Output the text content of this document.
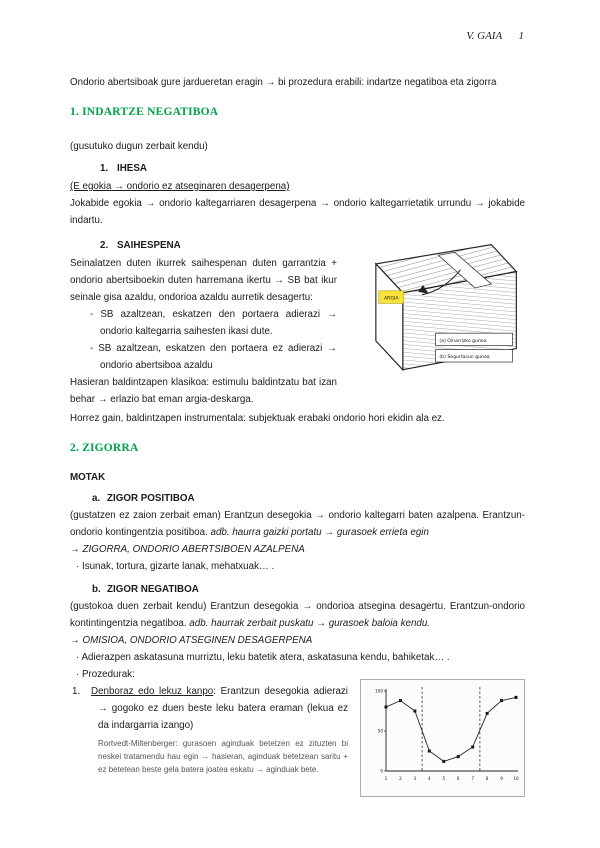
V. GAIA      1

Ondorio abertsiboak gure jardueretan eragin → bi prozedura erabili: indartze negatiboa eta zigorra

1. INDARTZE NEGATIBOA

(gusutuko dugun zerbait kendu)

1. IHESA

(E egokia → ondorio ez atseginaren desagerpena)

Jokabide egokia → ondorio kaltegarriaren desagerpena → ondorio kaltegarrietatik urrundu → jokabide indartu.

ARGIA
(a) Oinarrizko gunea
(b) Segurtasun gunea

2. SAIHESPENA

Seinalatzen duten ikurrek saihespenan duten garrantzia + ondorio abertsiboekin duten harremana ikertu → SB bat ikur seinale gisa azaldu, ondorioa azaldu aurretik desagertu:

- SB azaltzean, eskatzen den portaera adierazi → ondorio kaltegarria saihesten ikasi dute.

- SB azaltzean, eskatzen den portaera ez adierazi → ondorio abertsiboa azaldu

Hasieran baldintzapen klasikoa: estimulu baldintzatu bat izan behar → erlazio bat eman argia-deskarga.

Horrez gain, baldintzapen instrumentala: subjektuak erabaki ondorio hori ekidin ala ez.

2. ZIGORRA

MOTAK

a. ZIGOR POSITIBOA

(gustatzen ez zaion zerbait eman) Erantzun desegokia → ondorio kaltegarri baten azalpena. Erantzun-ondorio kontingentzia positiboa. adb. haurra gaizki portatu → gurasoek errieta egin

→ ZIGORRA, ONDORIO ABERTSIBOEN AZALPENA

· Isunak, tortura, gizarte lanak, mehatxuak… .

b. ZIGOR NEGATIBOA

(gustokoa duen zerbait kendu) Erantzun desegokia → ondorioa atsegina desagertu. Erantzun-ondorio kontintingentzia negatiboa. adb. haurrak zerbait puskatu → gurasoek baloia kendu.

→ OMISIOA, ONDORIO ATSEGINEN DESAGERPENA

· Adierazpen askatasuna murriztu, leku batetik atera, askatasuna kendu, bahiketak… .

· Prozedurak:

1	2	3	4	5	6	7	8	9 10
0
50
100
1. Denboraz edo lekuz kanpo: Erantzun desegokia adierazi → gogoko ez duen beste leku batera eraman (lekua ez da indargarria izango)
Rortvedt-Miltenberger: gurasoen aginduak betetzen ez zituzten bi neskei tratamendu hau egin → hasieran, aginduak betetzean saritu + ez betetean beste gela batera joatea eskatu → aginduak bete.
